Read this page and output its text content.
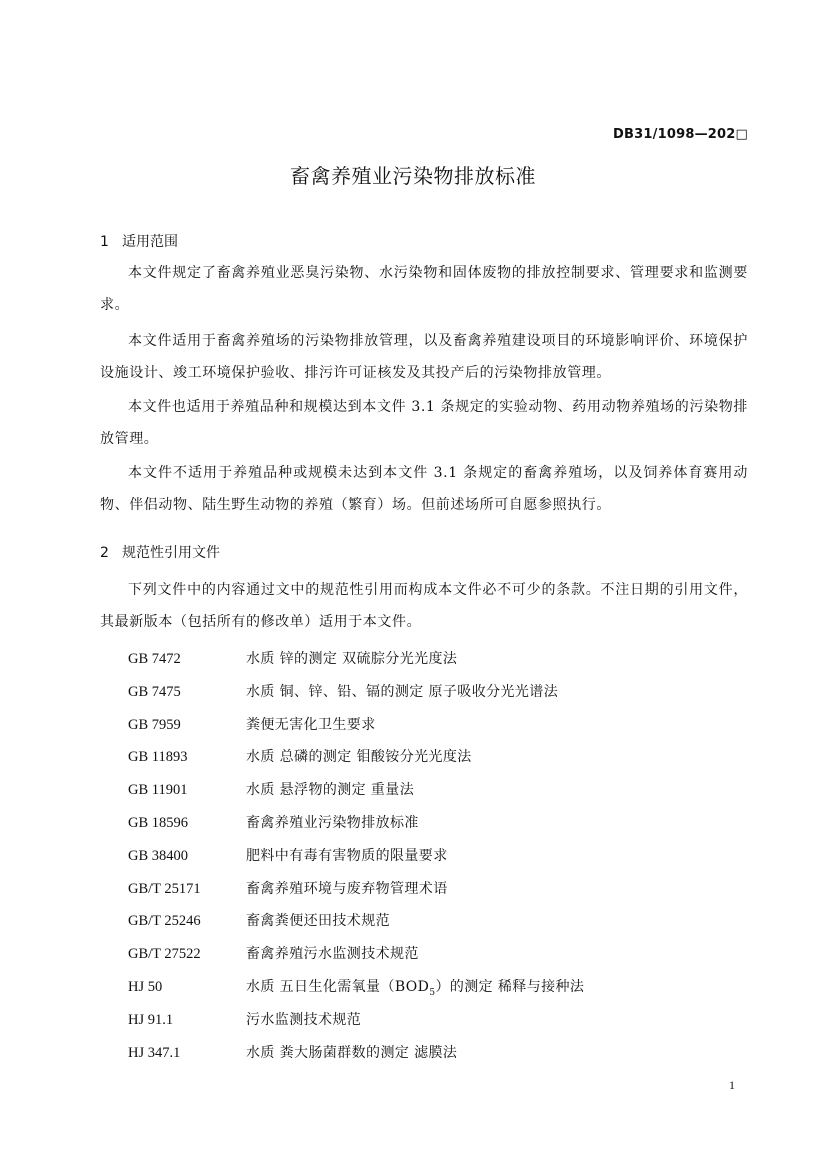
DB31/1098—202□
畜禽养殖业污染物排放标准
1 适用范围

本文件规定了畜禽养殖业恶臭污染物、水污染物和固体废物的排放控制要求、管理要求和监测要求。

本文件适用于畜禽养殖场的污染物排放管理，以及畜禽养殖建设项目的环境影响评价、环境保护设施设计、竣工环境保护验收、排污许可证核发及其投产后的污染物排放管理。

本文件也适用于养殖品种和规模达到本文件 3.1 条规定的实验动物、药用动物养殖场的污染物排放管理。

本文件不适用于养殖品种或规模未达到本文件 3.1 条规定的畜禽养殖场，以及饲养体育赛用动物、伴侣动物、陆生野生动物的养殖（繁育）场。但前述场所可自愿参照执行。

2 规范性引用文件

下列文件中的内容通过文中的规范性引用而构成本文件必不可少的条款。不注日期的引用文件，其最新版本（包括所有的修改单）适用于本文件。

GB 7472	水质 锌的测定 双硫腙分光光度法
GB 7475	水质 铜、锌、铅、镉的测定 原子吸收分光光谱法
GB 7959	粪便无害化卫生要求
GB 11893	水质 总磷的测定 钼酸铵分光光度法
GB 11901	水质 悬浮物的测定 重量法
GB 18596	畜禽养殖业污染物排放标准
GB 38400	肥料中有毒有害物质的限量要求
GB/T 25171	畜禽养殖环境与废弃物管理术语
GB/T 25246	畜禽粪便还田技术规范
GB/T 27522	畜禽养殖污水监测技术规范
HJ 50	水质 五日生化需氧量$(BOD_5)$的测定 稀释与接种法
HJ 91.1	污水监测技术规范
HJ 347.1	水质 粪大肠菌群数的测定 滤膜法
1
